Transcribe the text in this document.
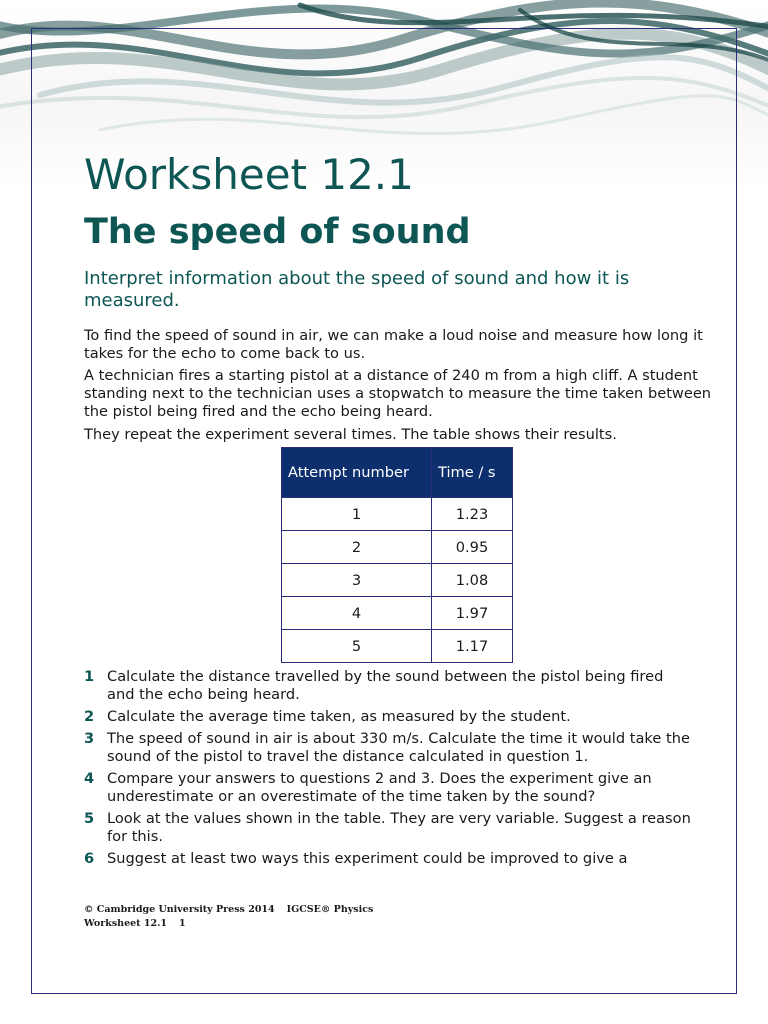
Worksheet 12.1
The speed of sound

Interpret information about the speed of sound and how it is measured.

To find the speed of sound in air, we can make a loud noise and measure how long it takes for the echo to come back to us.

A technician fires a starting pistol at a distance of 240 m from a high cliff. A student standing next to the technician uses a stopwatch to measure the time taken between the pistol being fired and the echo being heard.

They repeat the experiment several times. The table shows their results.

Attempt number	Time / s
1	1.23
2	0.95
3	1.08
4	1.97
5	1.17
1 Calculate the distance travelled by the sound between the pistol being fired and the echo being heard.
2 Calculate the average time taken, as measured by the student.
3 The speed of sound in air is about 330 m/s. Calculate the time it would take the sound of the pistol to travel the distance calculated in question 1.
4 Compare your answers to questions 2 and 3. Does the experiment give an underestimate or an overestimate of the time taken by the sound?
5 Look at the values shown in the table. They are very variable. Suggest a reason for this.
6 Suggest at least two ways this experiment could be improved to give a
© Cambridge University Press 2014 IGCSE® Physics
Worksheet 12.1 1
